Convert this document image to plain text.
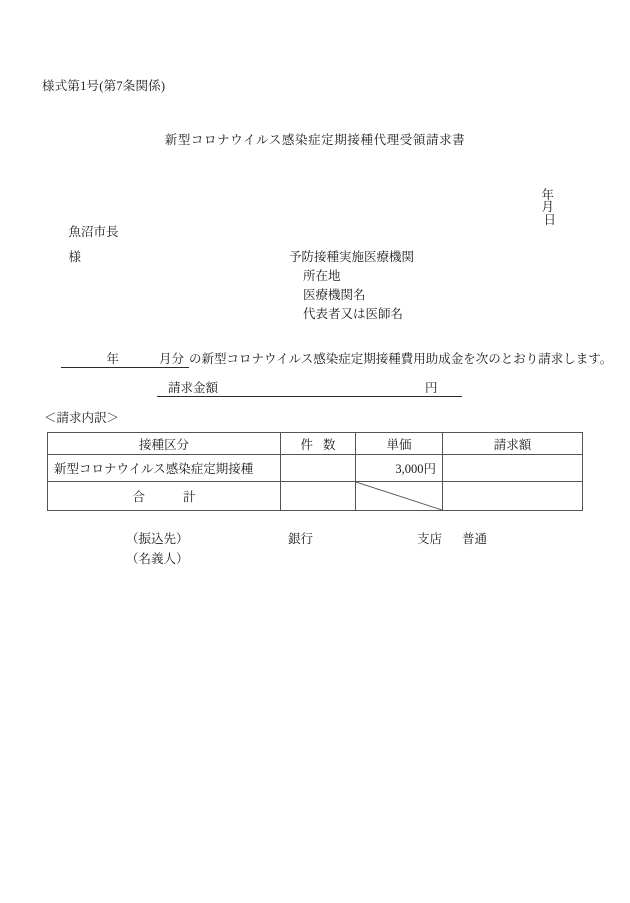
様式第1号(第7条関係)
新型コロナウイルス感染症定期接種代理受領請求書

年
月
日

魚沼市長

様
	予防接種実施医療機関
所在地
医療機関名
代表者又は医師名

年	月分 の新型コロナウイルス感染症定期接種費用助成金を次のとおり請求します。

請求金額	円
＜請求内訳＞
接種区分	件 数	単価	請求額
新型コロナウイルス感染症定期接種		3,000円	
合 計		

（振込先）	銀行	支店 普通
（名義人）
